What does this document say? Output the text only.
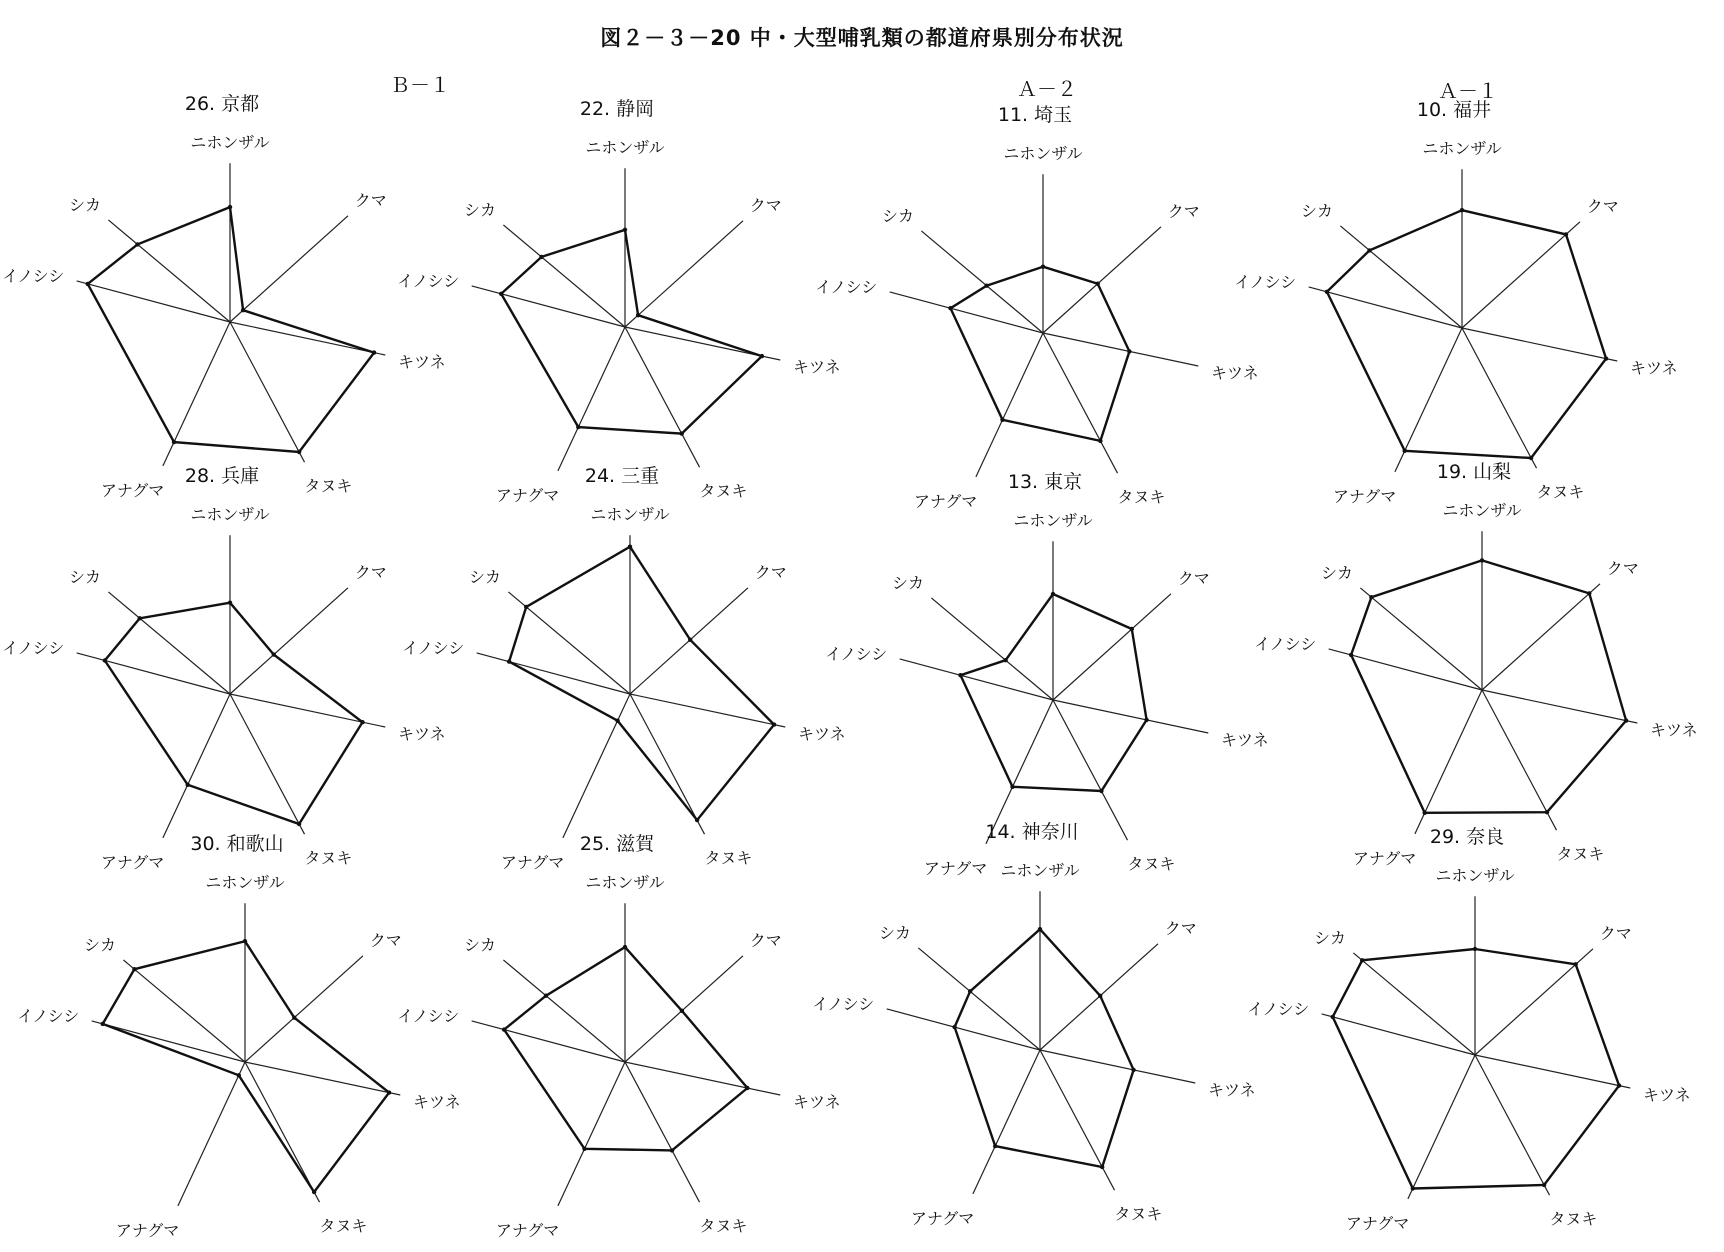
図２－３－20 中・大型哺乳類の都道府県別分布状況
Ｂ－１	Ａ－２	Ａ－１
26. 京都
ニホンザル
クマ
キツネ
タヌキ
アナグマ
イノシシ
シカ
22. 静岡
ニホンザル
クマ
キツネ
タヌキ
アナグマ
イノシシ
シカ
11. 埼玉
ニホンザル
クマ
キツネ
タヌキ
アナグマ
イノシシ
シカ
10. 福井
ニホンザル
クマ
キツネ
タヌキ
アナグマ
イノシシ
シカ
28. 兵庫
ニホンザル
クマ
キツネ
タヌキ
アナグマ
イノシシ
シカ
24. 三重
ニホンザル
クマ
キツネ
タヌキ
アナグマ
イノシシ
シカ
13. 東京
ニホンザル
クマ
キツネ
タヌキ
アナグマ
イノシシ
シカ
19. 山梨
ニホンザル
クマ
キツネ
タヌキ
アナグマ
イノシシ
シカ
30. 和歌山
ニホンザル
クマ
キツネ
タヌキ
アナグマ
イノシシ
シカ
25. 滋賀
ニホンザル
クマ
キツネ
タヌキ
アナグマ
イノシシ
シカ
14. 神奈川
ニホンザル
クマ
キツネ
タヌキ
アナグマ
イノシシ
シカ
29. 奈良
ニホンザル
クマ
キツネ
タヌキ
アナグマ
イノシシ
シカ
